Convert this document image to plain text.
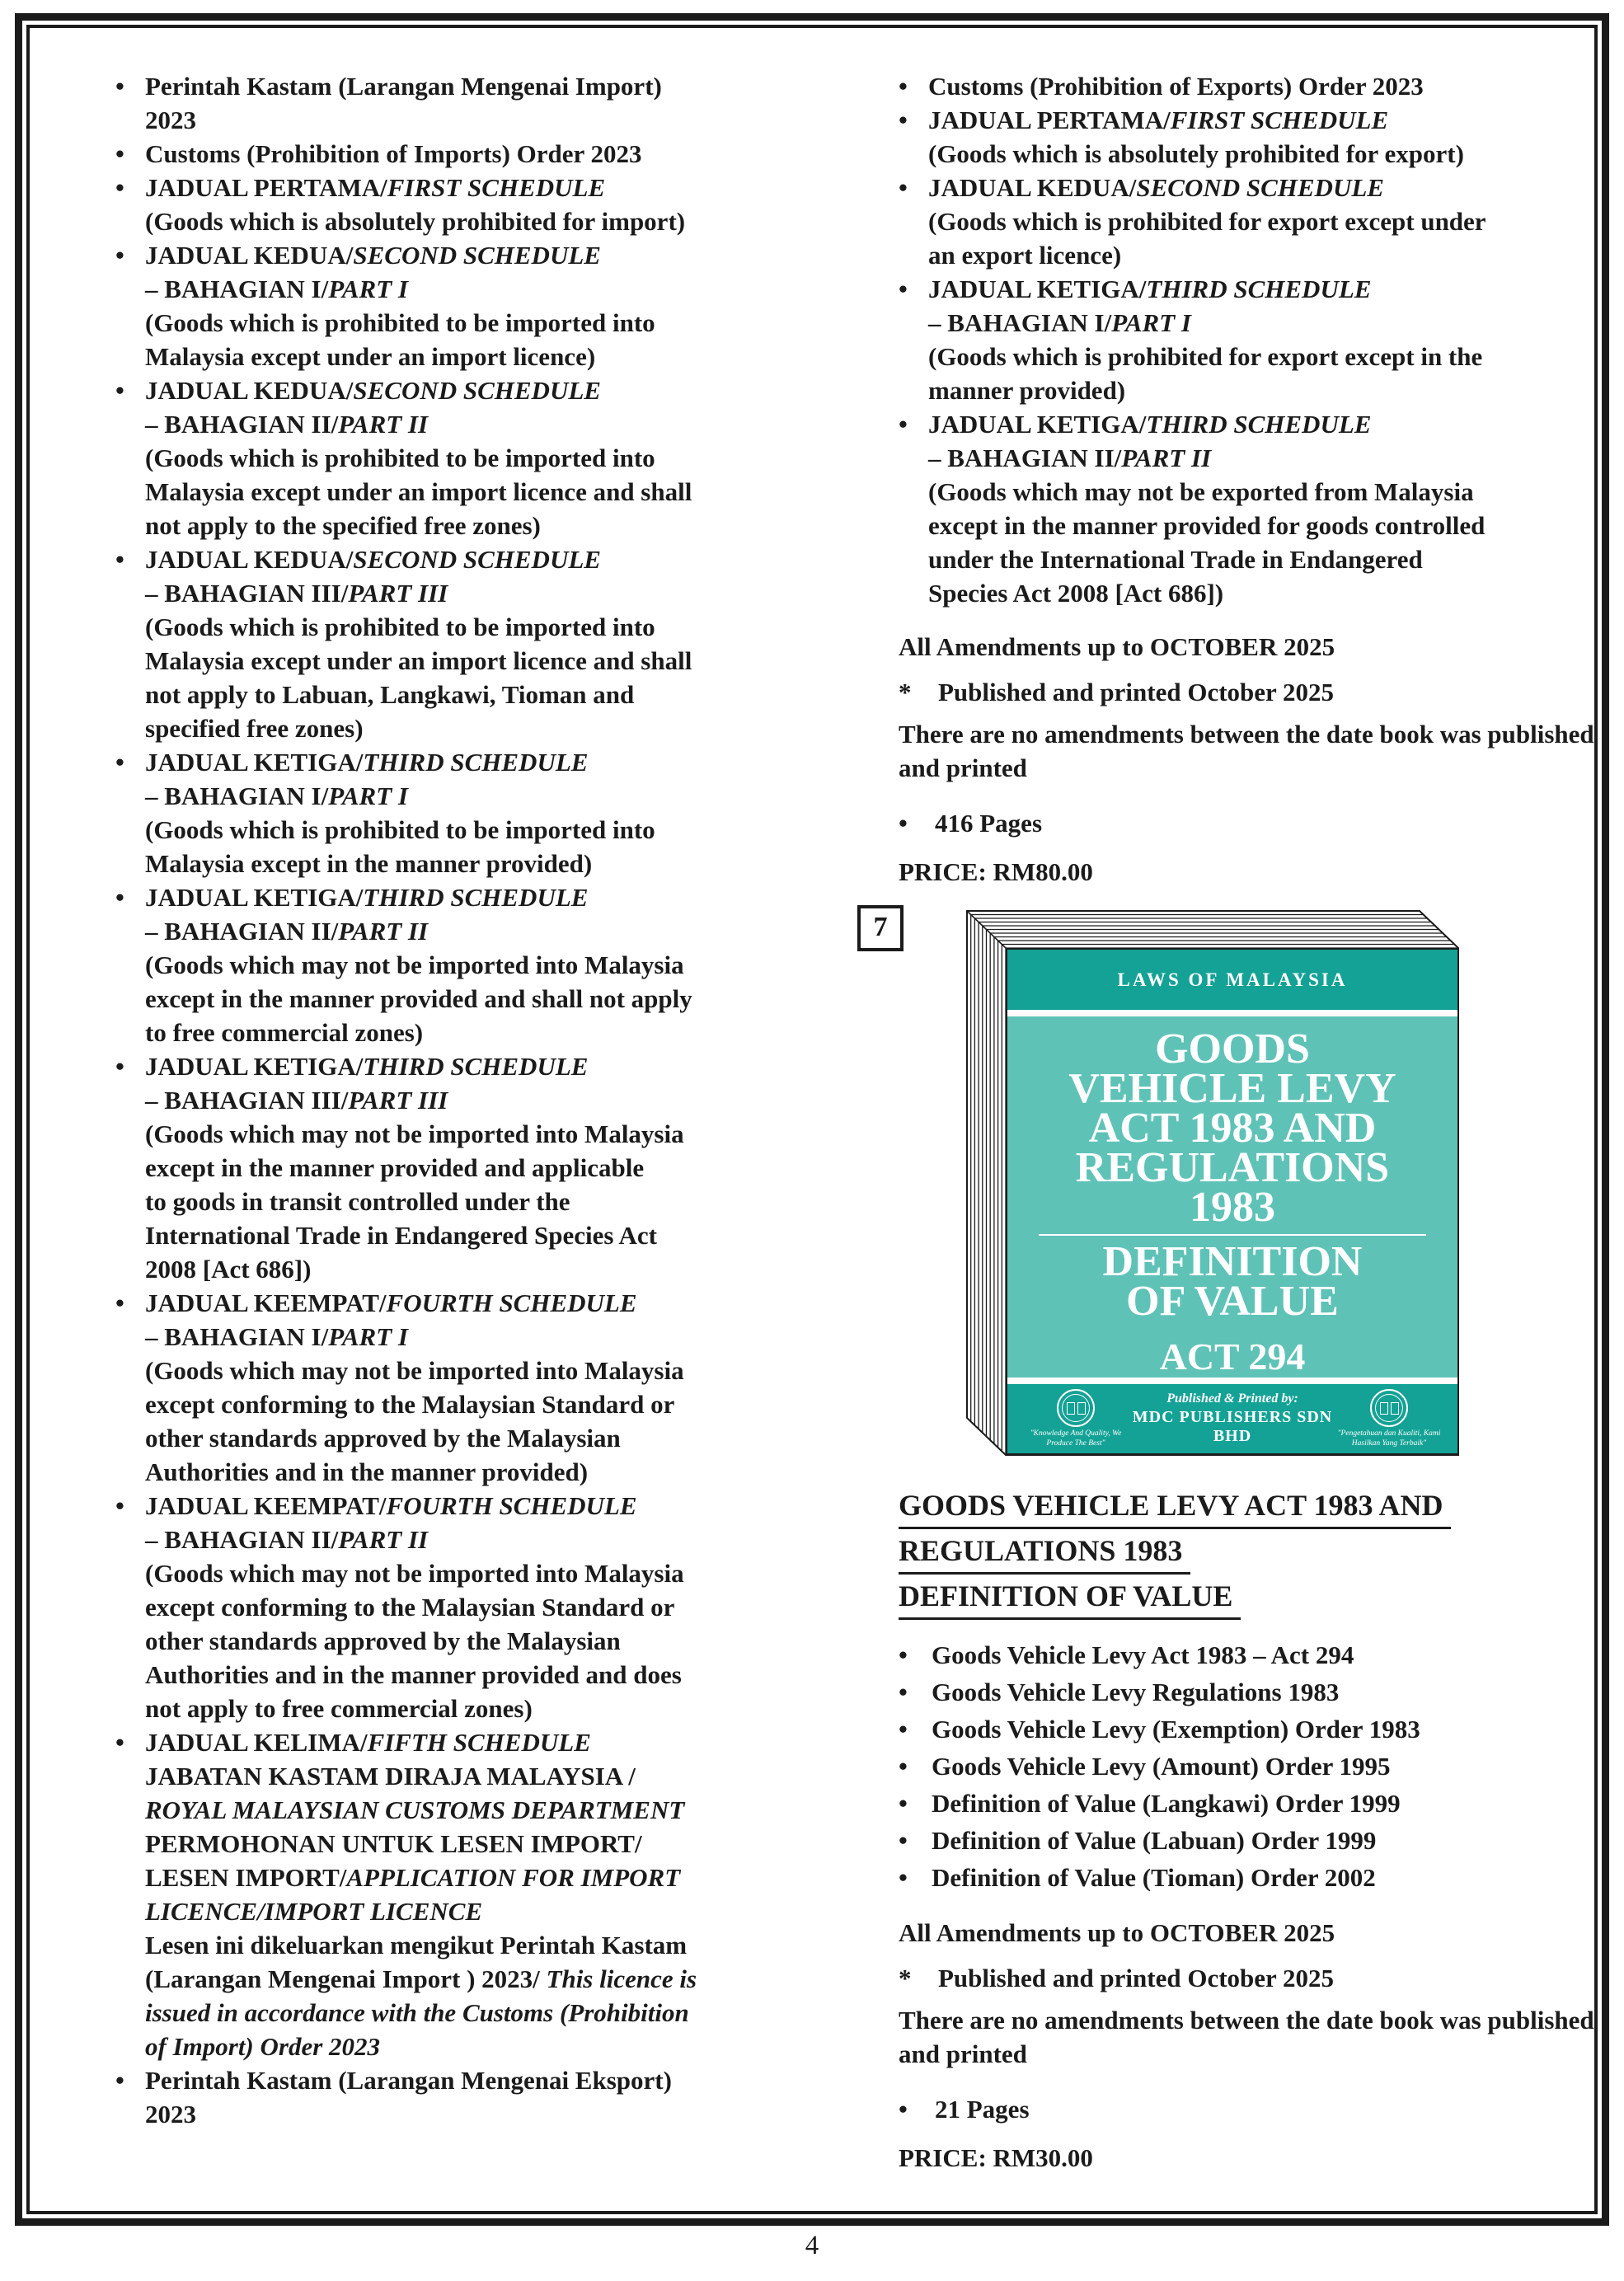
• Perintah Kastam (Larangan Mengenai Import)
2023
• Customs (Prohibition of Imports) Order 2023
• JADUAL PERTAMA/FIRST SCHEDULE
(Goods which is absolutely prohibited for import)
• JADUAL KEDUA/SECOND SCHEDULE
– BAHAGIAN I/PART I
(Goods which is prohibited to be imported into
Malaysia except under an import licence)
• JADUAL KEDUA/SECOND SCHEDULE
– BAHAGIAN II/PART II
(Goods which is prohibited to be imported into
Malaysia except under an import licence and shall
not apply to the specified free zones)
• JADUAL KEDUA/SECOND SCHEDULE
– BAHAGIAN III/PART III
(Goods which is prohibited to be imported into
Malaysia except under an import licence and shall
not apply to Labuan, Langkawi, Tioman and
specified free zones)
• JADUAL KETIGA/THIRD SCHEDULE
– BAHAGIAN I/PART I
(Goods which is prohibited to be imported into
Malaysia except in the manner provided)
• JADUAL KETIGA/THIRD SCHEDULE
– BAHAGIAN II/PART II
(Goods which may not be imported into Malaysia
except in the manner provided and shall not apply
to free commercial zones)
• JADUAL KETIGA/THIRD SCHEDULE
– BAHAGIAN III/PART III
(Goods which may not be imported into Malaysia
except in the manner provided and applicable
to goods in transit controlled under the
International Trade in Endangered Species Act
2008 [Act 686])
• JADUAL KEEMPAT/FOURTH SCHEDULE
– BAHAGIAN I/PART I
(Goods which may not be imported into Malaysia
except conforming to the Malaysian Standard or
other standards approved by the Malaysian
Authorities and in the manner provided)
• JADUAL KEEMPAT/FOURTH SCHEDULE
– BAHAGIAN II/PART II
(Goods which may not be imported into Malaysia
except conforming to the Malaysian Standard or
other standards approved by the Malaysian
Authorities and in the manner provided and does
not apply to free commercial zones)
• JADUAL KELIMA/FIFTH SCHEDULE
JABATAN KASTAM DIRAJA MALAYSIA /
ROYAL MALAYSIAN CUSTOMS DEPARTMENT
PERMOHONAN UNTUK LESEN IMPORT/
LESEN IMPORT/APPLICATION FOR IMPORT
LICENCE/IMPORT LICENCE
Lesen ini dikeluarkan mengikut Perintah Kastam
(Larangan Mengenai Import ) 2023/ This licence is
issued in accordance with the Customs (Prohibition
of Import) Order 2023
• Perintah Kastam (Larangan Mengenai Eksport)
2023
• Customs (Prohibition of Exports) Order 2023
• JADUAL PERTAMA/FIRST SCHEDULE
(Goods which is absolutely prohibited for export)
• JADUAL KEDUA/SECOND SCHEDULE
(Goods which is prohibited for export except under
an export licence)
• JADUAL KETIGA/THIRD SCHEDULE
– BAHAGIAN I/PART I
(Goods which is prohibited for export except in the
manner provided)
• JADUAL KETIGA/THIRD SCHEDULE
– BAHAGIAN II/PART II
(Goods which may not be exported from Malaysia
except in the manner provided for goods controlled
under the International Trade in Endangered
Species Act 2008 [Act 686])
All Amendments up to OCTOBER 2025
*	Published and printed October 2025
There are no amendments between the date book was published and printed
•	416 Pages
PRICE: RM80.00
7
LAWS OF MALAYSIA
GOODS
VEHICLE LEVY
ACT 1983 AND
REGULATIONS
1983
DEFINITION
OF VALUE
ACT 294
"Knowledge And Quality, We Produce The Best"
Published & Printed by:
MDC PUBLISHERS SDN BHD	"Pengetahuan dan Kualiti, Kami Hasilkan Yang Terbaik"
GOODS VEHICLE LEVY ACT 1983 AND
REGULATIONS 1983
DEFINITION OF VALUE
• Goods Vehicle Levy Act 1983 – Act 294
• Goods Vehicle Levy Regulations 1983
• Goods Vehicle Levy (Exemption) Order 1983
• Goods Vehicle Levy (Amount) Order 1995
• Definition of Value (Langkawi) Order 1999
• Definition of Value (Labuan) Order 1999
• Definition of Value (Tioman) Order 2002
All Amendments up to OCTOBER 2025
*	Published and printed October 2025
There are no amendments between the date book was published and printed
•	21 Pages
PRICE: RM30.00
4
